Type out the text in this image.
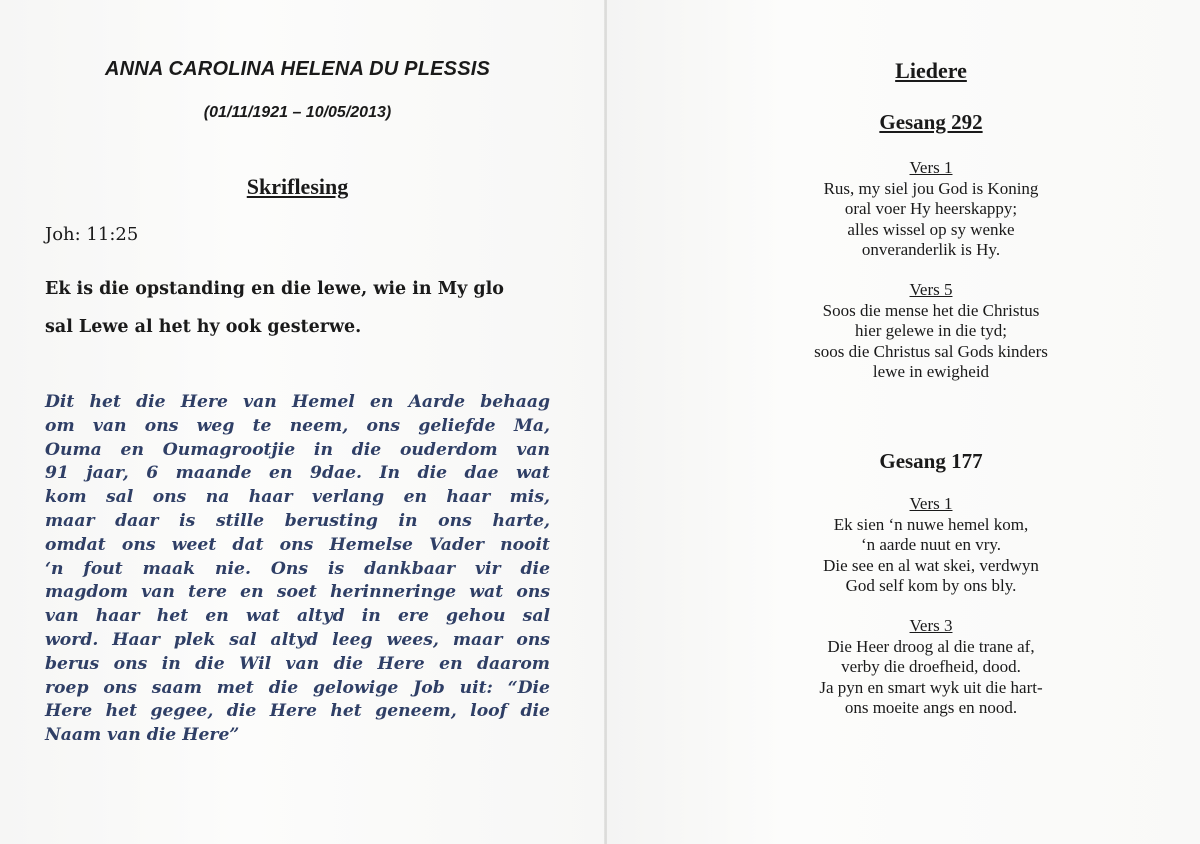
ANNA CAROLINA HELENA DU PLESSIS
(01/11/1921 – 10/05/2013)
Skriflesing
Joh: 11:25
Ek is die opstanding en die lewe, wie in My glo
sal Lewe al het hy ook gesterwe.
Dit het die Here van Hemel en Aarde behaag
om van ons weg te neem, ons geliefde Ma,
Ouma en Oumagrootjie in die ouderdom van
91 jaar, 6 maande en 9dae. In die dae wat
kom sal ons na haar verlang en haar mis,
maar daar is stille berusting in ons harte,
omdat ons weet dat ons Hemelse Vader nooit
‘n fout maak nie. Ons is dankbaar vir die
magdom van tere en soet herinneringe wat ons
van haar het en wat altyd in ere gehou sal
word. Haar plek sal altyd leeg wees, maar ons
berus ons in die Wil van die Here en daarom
roep ons saam met die gelowige Job uit: “Die
Here het gegee, die Here het geneem, loof die
Naam van die Here”
Liedere
Gesang 292
Vers 1
Rus, my siel jou God is Koning
oral voer Hy heerskappy;
alles wissel op sy wenke
onveranderlik is Hy.
Vers 5
Soos die mense het die Christus
hier gelewe in die tyd;
soos die Christus sal Gods kinders
lewe in ewigheid
Gesang 177
Vers 1
Ek sien ‘n nuwe hemel kom,
‘n aarde nuut en vry.
Die see en al wat skei, verdwyn
God self kom by ons bly.
Vers 3
Die Heer droog al die trane af,
verby die droefheid, dood.
Ja pyn en smart wyk uit die hart-
ons moeite angs en nood.
